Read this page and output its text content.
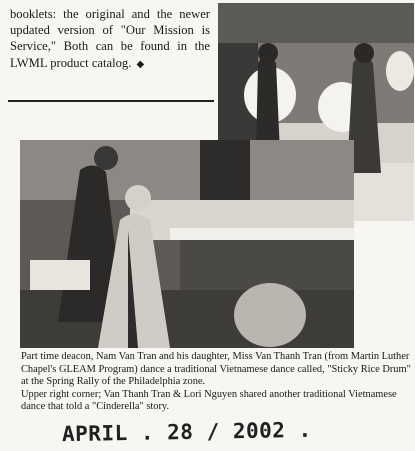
booklets: the original and the newer updated version of "Our Mission is Service," Both can be found in the LWML product catalog. ◆

Part time deacon, Nam Van Tran and his daughter, Miss Van Thanh Tran (from Martin Luther Chapel's GLEAM Program) dance a traditional Vietnamese dance called, "Sticky Rice Drum" at the Spring Rally of the Philadelphia zone.

Upper right corner; Van Thanh Tran & Lori Nguyen shared another traditional Vietnamese dance that told a "Cinderella" story.

APRIL . 28 / 2002 .
